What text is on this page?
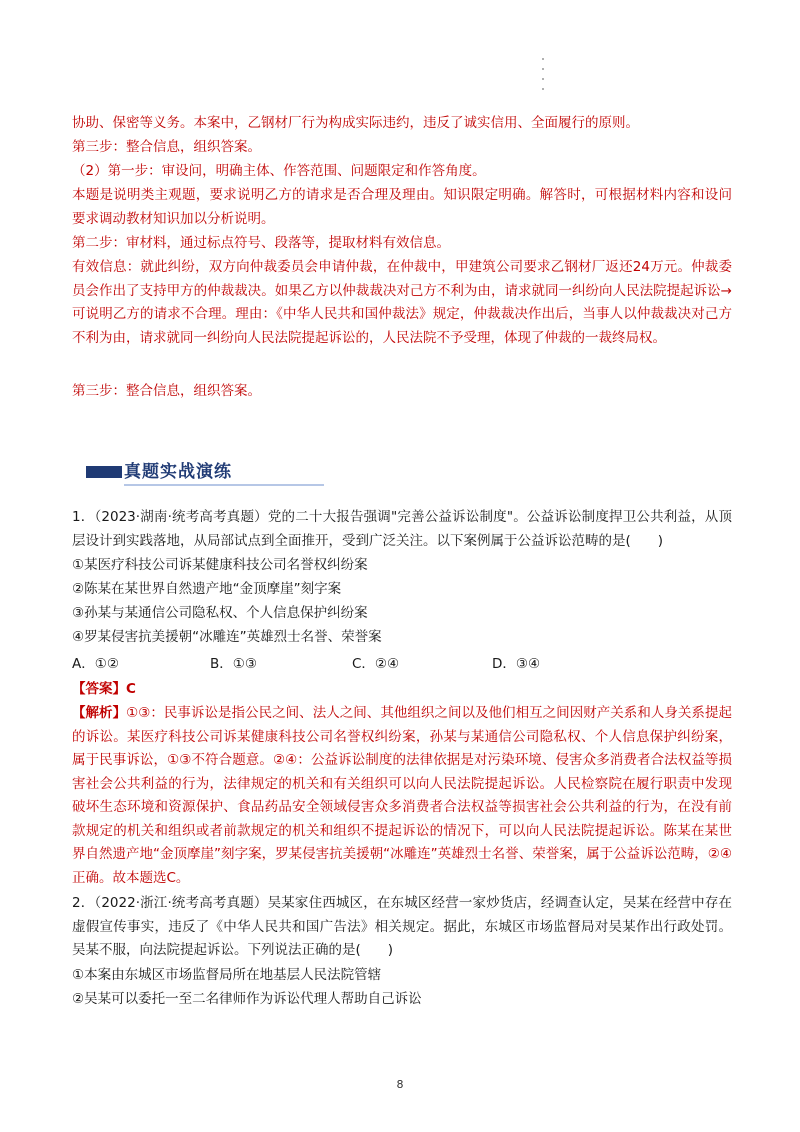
协助、保密等义务。本案中，乙钢材厂行为构成实际违约，违反了诚实信用、全面履行的原则。

第三步：整合信息，组织答案。

（2）第一步：审设问，明确主体、作答范围、问题限定和作答角度。

本题是说明类主观题，要求说明乙方的请求是否合理及理由。知识限定明确。解答时，可根据材料内容和设问要求调动教材知识加以分析说明。

第二步：审材料，通过标点符号、段落等，提取材料有效信息。

有效信息：就此纠纷，双方向仲裁委员会申请仲裁，在仲裁中，甲建筑公司要求乙钢材厂返还24万元。仲裁委员会作出了支持甲方的仲裁裁决。如果乙方以仲裁裁决对己方不利为由，请求就同一纠纷向人民法院提起诉讼→可说明乙方的请求不合理。理由：《中华人民共和国仲裁法》规定，仲裁裁决作出后，当事人以仲裁裁决对己方不利为由，请求就同一纠纷向人民法院提起诉讼的，人民法院不予受理，体现了仲裁的一裁终局权。

第三步：整合信息，组织答案。

真题实战演练

1．（2023·湖南·统考高考真题）党的二十大报告强调"完善公益诉讼制度"。公益诉讼制度捍卫公共利益，从顶层设计到实践落地，从局部试点到全面推开，受到广泛关注。以下案例属于公益诉讼范畴的是(　　)

①某医疗科技公司诉某健康科技公司名誉权纠纷案

②陈某在某世界自然遗产地“金顶摩崖”刻字案

③孙某与某通信公司隐私权、个人信息保护纠纷案

④罗某侵害抗美援朝“冰雕连”英雄烈士名誉、荣誉案

A．①②	B．①③	C．②④	D．③④

【答案】C

【解析】①③：民事诉讼是指公民之间、法人之间、其他组织之间以及他们相互之间因财产关系和人身关系提起的诉讼。某医疗科技公司诉某健康科技公司名誉权纠纷案，孙某与某通信公司隐私权、个人信息保护纠纷案，属于民事诉讼，①③不符合题意。②④：公益诉讼制度的法律依据是对污染环境、侵害众多消费者合法权益等损害社会公共利益的行为，法律规定的机关和有关组织可以向人民法院提起诉讼。人民检察院在履行职责中发现破坏生态环境和资源保护、食品药品安全领域侵害众多消费者合法权益等损害社会公共利益的行为，在没有前款规定的机关和组织或者前款规定的机关和组织不提起诉讼的情况下，可以向人民法院提起诉讼。陈某在某世界自然遗产地“金顶摩崖”刻字案，罗某侵害抗美援朝“冰雕连”英雄烈士名誉、荣誉案，属于公益诉讼范畴，②④正确。故本题选C。

2．（2022·浙江·统考高考真题）吴某家住西城区，在东城区经营一家炒货店，经调查认定，吴某在经营中存在虚假宣传事实，违反了《中华人民共和国广告法》相关规定。据此，东城区市场监督局对吴某作出行政处罚。吴某不服，向法院提起诉讼。下列说法正确的是(　　)

①本案由东城区市场监督局所在地基层人民法院管辖

②吴某可以委托一至二名律师作为诉讼代理人帮助自己诉讼

8
